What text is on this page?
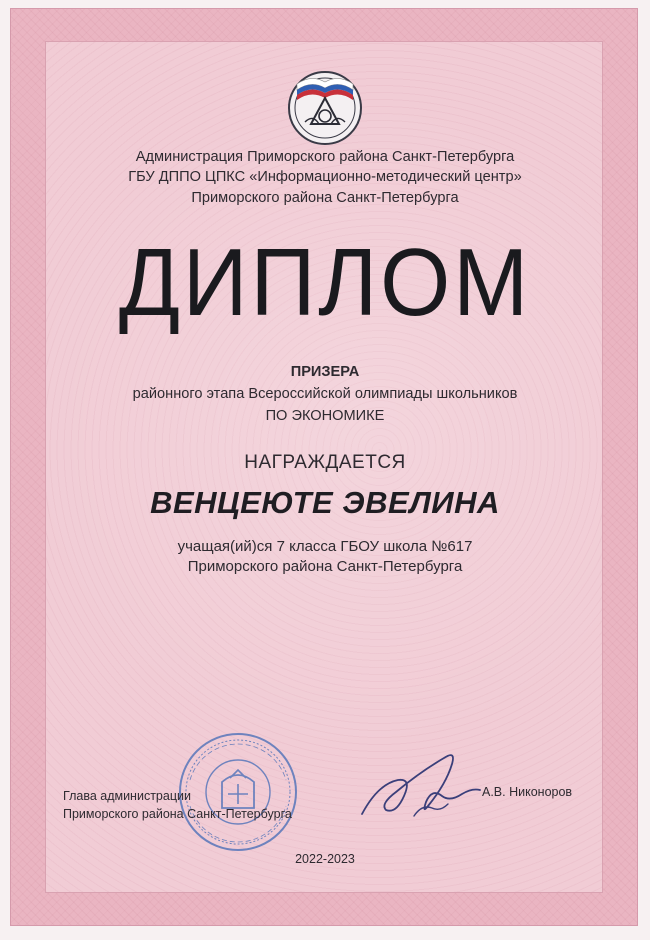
Администрация Приморского района Санкт-Петербурга
ГБУ ДППО ЦПКС «Информационно-методический центр»
Приморского района Санкт-Петербурга
ДИПЛОМ
ПРИЗЕРА
районного этапа Всероссийской олимпиады школьников
ПО ЭКОНОМИКЕ
НАГРАЖДАЕТСЯ
ВЕНЦЕЮТЕ ЭВЕЛИНА
учащая(ий)ся 7 класса ГБОУ школа №617
Приморского района Санкт-Петербурга
Глава администрации
Приморского района Санкт-Петербурга
А.В. Никоноров
2022-2023
